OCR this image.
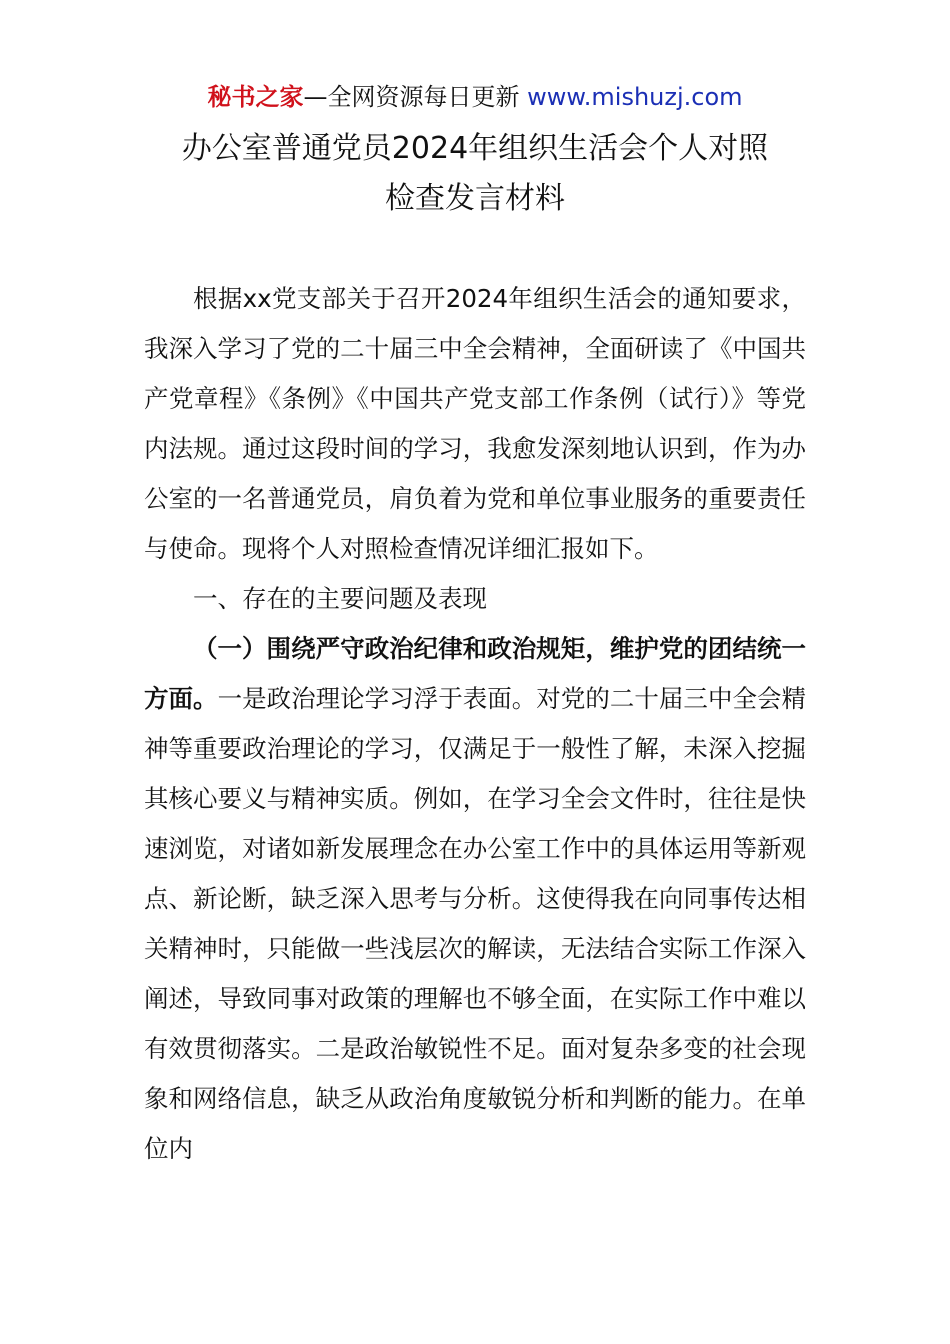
秘书之家—全网资源每日更新 www.mishuzj.com
办公室普通党员2024年组织生活会个人对照
检查发言材料

根据xx党支部关于召开2024年组织生活会的通知要求，我深入学习了党的二十届三中全会精神，全面研读了《中国共产党章程》《条例》《中国共产党支部工作条例（试行）》等党内法规。通过这段时间的学习，我愈发深刻地认识到，作为办公室的一名普通党员，肩负着为党和单位事业服务的重要责任与使命。现将个人对照检查情况详细汇报如下。

一、存在的主要问题及表现

（一）围绕严守政治纪律和政治规矩，维护党的团结统一方面。一是政治理论学习浮于表面。对党的二十届三中全会精神等重要政治理论的学习，仅满足于一般性了解，未深入挖掘其核心要义与精神实质。例如，在学习全会文件时，往往是快速浏览，对诸如新发展理念在办公室工作中的具体运用等新观点、新论断，缺乏深入思考与分析。这使得我在向同事传达相关精神时，只能做一些浅层次的解读，无法结合实际工作深入阐述，导致同事对政策的理解也不够全面，在实际工作中难以有效贯彻落实。二是政治敏锐性不足。面对复杂多变的社会现象和网络信息，缺乏从政治角度敏锐分析和判断的能力。在单位内
